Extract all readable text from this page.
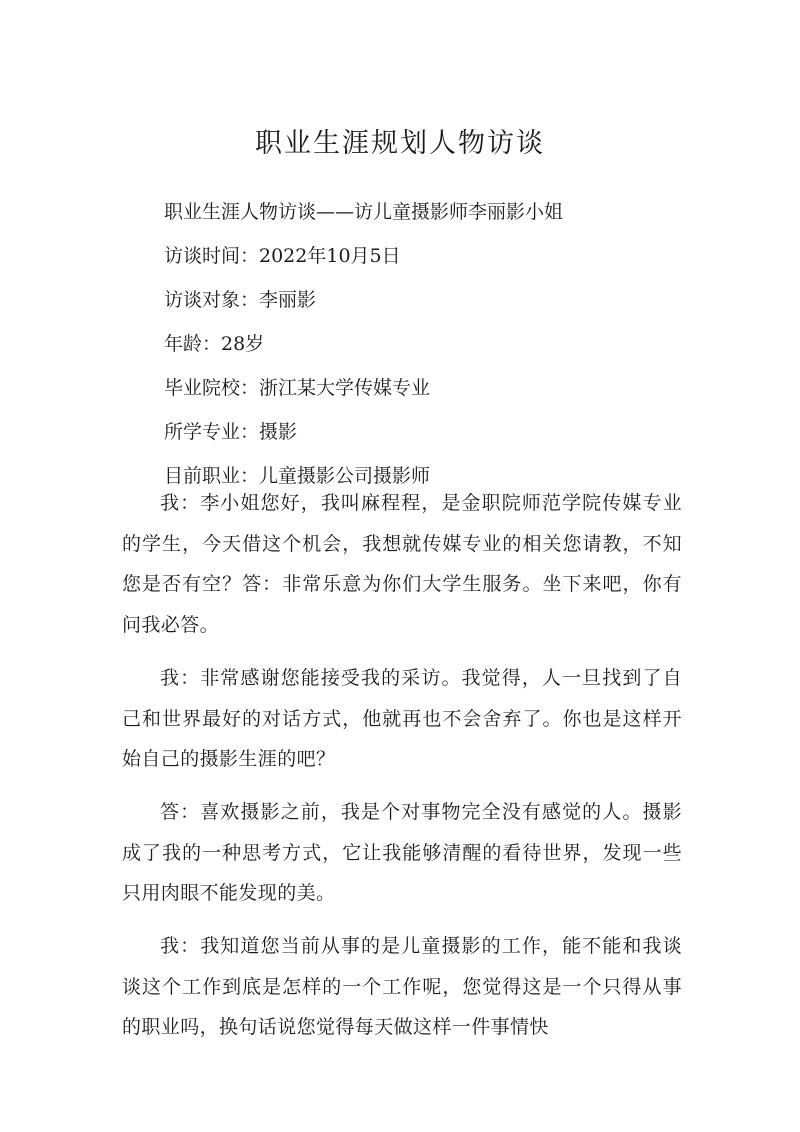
职业生涯规划人物访谈
职业生涯人物访谈——访儿童摄影师李丽影小姐
访谈时间：2022年10月5日
访谈对象：李丽影
年龄：28岁
毕业院校：浙江某大学传媒专业
所学专业：摄影
目前职业：儿童摄影公司摄影师

我：李小姐您好，我叫麻程程，是金职院师范学院传媒专业的学生，今天借这个机会，我想就传媒专业的相关您请教，不知您是否有空？答：非常乐意为你们大学生服务。坐下来吧，你有问我必答。

我：非常感谢您能接受我的采访。我觉得，人一旦找到了自己和世界最好的对话方式，他就再也不会舍弃了。你也是这样开始自己的摄影生涯的吧？

答：喜欢摄影之前，我是个对事物完全没有感觉的人。摄影成了我的一种思考方式，它让我能够清醒的看待世界，发现一些只用肉眼不能发现的美。

我：我知道您当前从事的是儿童摄影的工作，能不能和我谈谈这个工作到底是怎样的一个工作呢，您觉得这是一个只得从事的职业吗，换句话说您觉得每天做这样一件事情快
